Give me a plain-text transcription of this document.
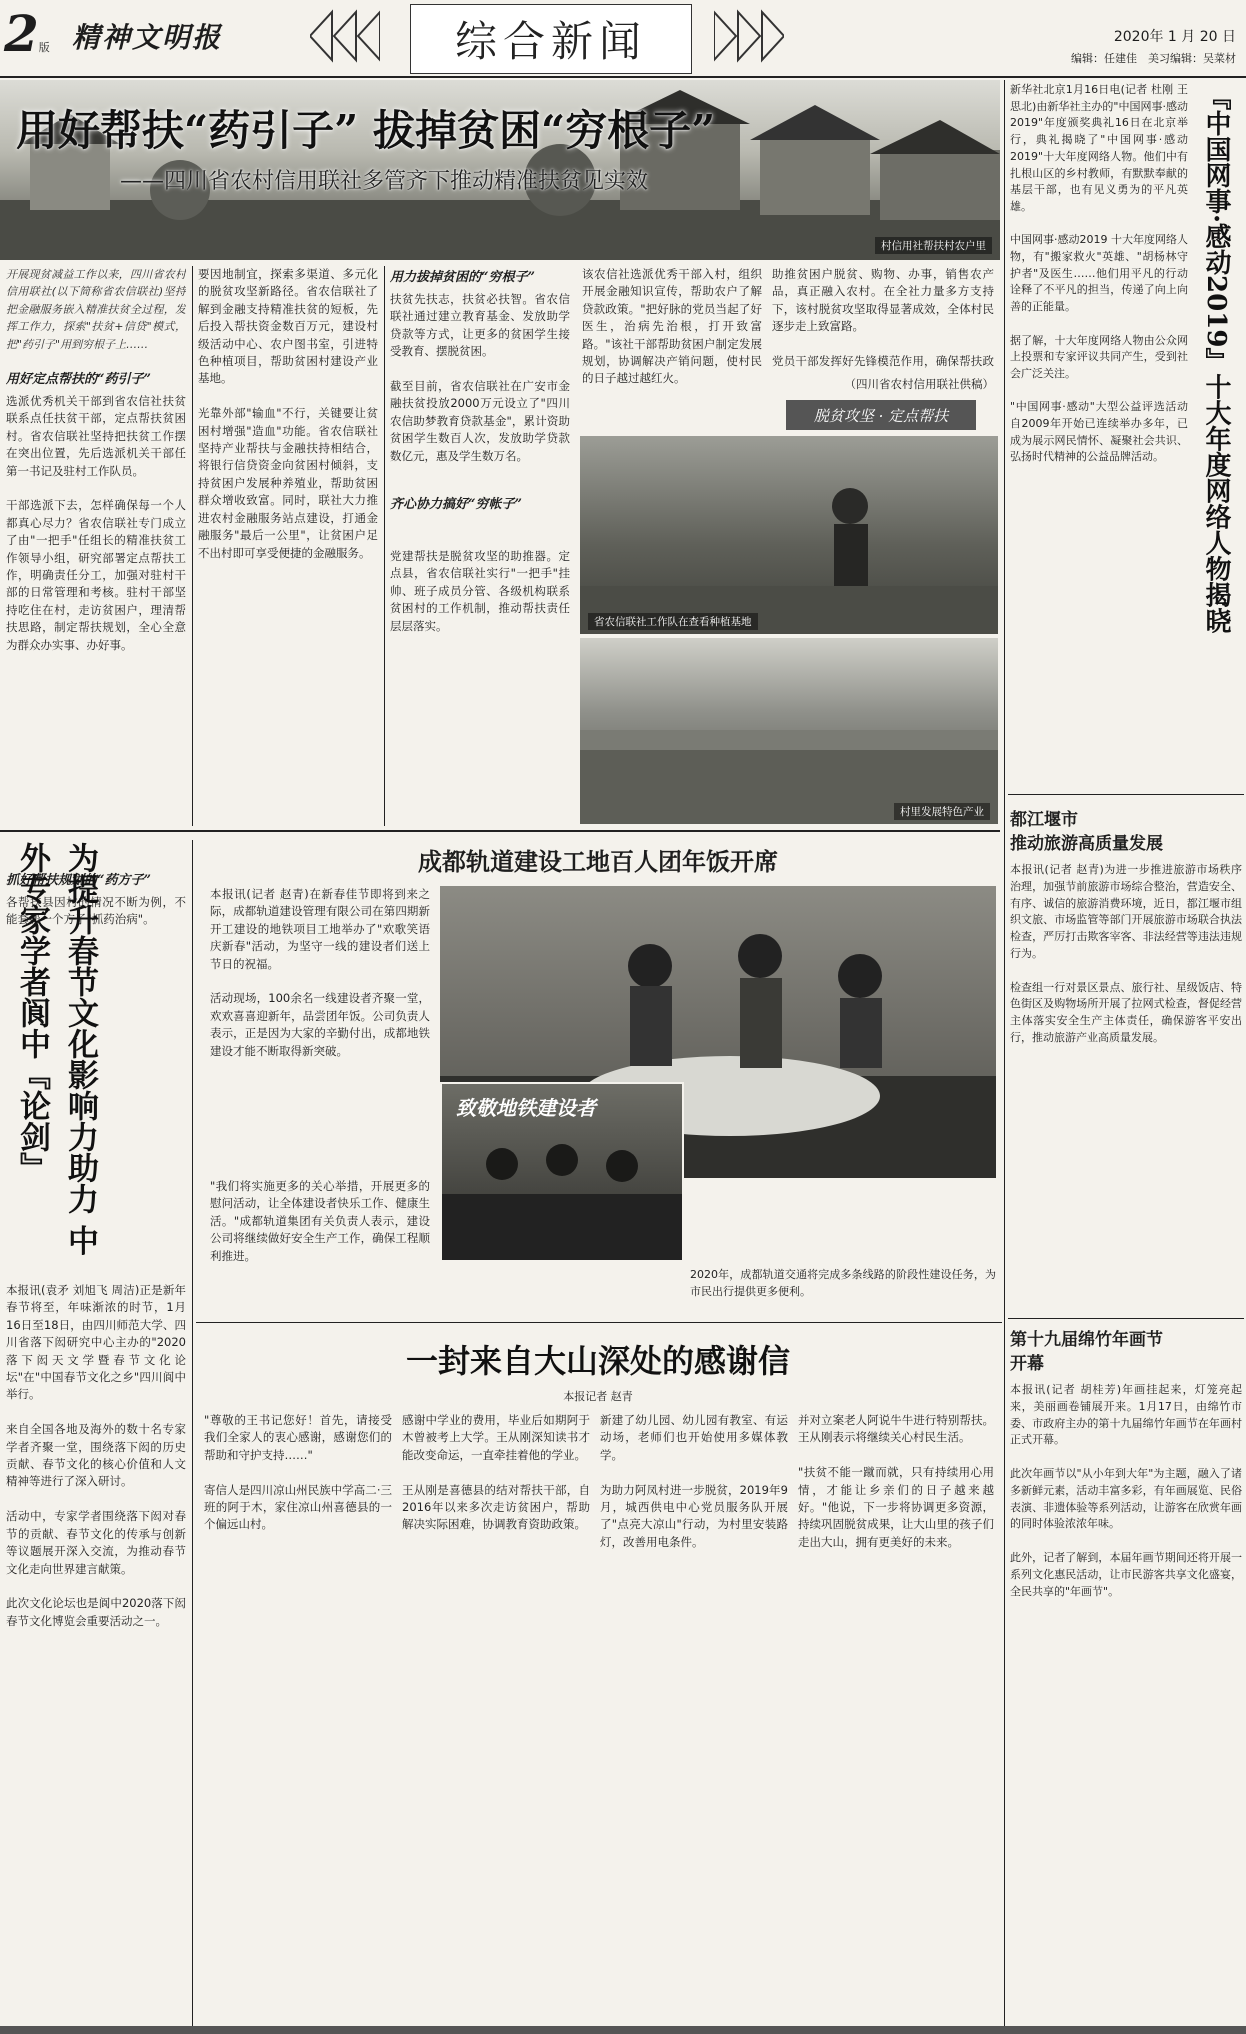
2版 精神文明报	综合新闻	2020年 1 月 20 日
编辑：任建佳　美习编辑：吴菜材
用好帮扶“药引子” 拔掉贫困“穷根子”
——四川省农村信用联社多管齐下推动精准扶贫见实效
村信用社帮扶村农户里
开展现贫减益工作以来，四川省农村信用联社(以下简称省农信联社)坚持把金融服务嵌入精准扶贫全过程，发挥工作力，探索"扶贫+信贷"模式，把"药引子"用到穷根子上……
用好定点帮扶的“药引子”
选派优秀机关干部到省农信社扶贫联系点任扶贫干部，定点帮扶贫困村。省农信联社坚持把扶贫工作摆在突出位置，先后选派机关干部任第一书记及驻村工作队员。

干部选派下去，怎样确保每一个人都真心尽力？省农信联社专门成立了由"一把手"任组长的精准扶贫工作领导小组，研究部署定点帮扶工作，明确责任分工，加强对驻村干部的日常管理和考核。驻村干部坚持吃住在村，走访贫困户，理清帮扶思路，制定帮扶规划，全心全意为群众办实事、办好事。
抓好帮扶规划的“药方子”
各帮扶县因村的情况不断为例，不能套搬一个方子"抓药治病"。
要因地制宜，探索多渠道、多元化的脱贫攻坚新路径。省农信联社了解到金融支持精准扶贫的短板，先后投入帮扶资金数百万元，建设村级活动中心、农户图书室，引进特色种植项目，帮助贫困村建设产业基地。

光靠外部"输血"不行，关键要让贫困村增强"造血"功能。省农信联社坚持产业帮扶与金融扶持相结合，将银行信贷资金向贫困村倾斜，支持贫困户发展种养殖业，帮助贫困群众增收致富。同时，联社大力推进农村金融服务站点建设，打通金融服务"最后一公里"，让贫困户足不出村即可享受便捷的金融服务。
用力拔掉贫困的“穷根子”
扶贫先扶志，扶贫必扶智。省农信联社通过建立教育基金、发放助学贷款等方式，让更多的贫困学生接受教育、摆脱贫困。

截至目前，省农信联社在广安市金融扶贫投放2000万元设立了"四川农信助梦教育贷款基金"，累计资助贫困学生数百人次，发放助学贷款数亿元，惠及学生数万名。
齐心协力搞好“穷帐子”
党建帮扶是脱贫攻坚的助推器。定点县，省农信联社实行"一把手"挂帅、班子成员分管、各级机构联系贫困村的工作机制，推动帮扶责任层层落实。
该农信社选派优秀干部入村，组织开展金融知识宣传，帮助农户了解贷款政策。"把好脉的党员当起了好医生，治病先治根，打开致富路。"该社干部帮助贫困户制定发展规划，协调解决产销问题，使村民的日子越过越红火。
助推贫困户脱贫、购物、办事，销售农产品，真正融入农村。在全社力量多方支持下，该村脱贫攻坚取得显著成效，全体村民逐步走上致富路。

党员干部发挥好先锋模范作用，确保帮扶政
（四川省农村信用联社供稿）
脱贫攻坚 · 定点帮扶
省农信联社工作队在查看种植基地
村里发展特色产业
新华社北京1月16日电(记者 杜刚 王思北)由新华社主办的"中国网事·感动2019"年度颁奖典礼16日在北京举行，典礼揭晓了"中国网事·感动2019"十大年度网络人物。他们中有扎根山区的乡村教师，有默默奉献的基层干部，也有见义勇为的平凡英雄。

中国网事·感动2019 十大年度网络人物，有"搬家救火"英雄、"胡杨林守护者"及医生……他们用平凡的行动诠释了不平凡的担当，传递了向上向善的正能量。

据了解，十大年度网络人物由公众网上投票和专家评议共同产生，受到社会广泛关注。

"中国网事·感动"大型公益评选活动自2009年开始已连续举办多年，已成为展示网民情怀、凝聚社会共识、弘扬时代精神的公益品牌活动。	『中国网事·感动2019』十大年度网络人物揭晓
都江堰市
推动旅游高质量发展
本报讯(记者 赵青)为进一步推进旅游市场秩序治理，加强节前旅游市场综合整治，营造安全、有序、诚信的旅游消费环境，近日，都江堰市组织文旅、市场监管等部门开展旅游市场联合执法检查，严厉打击欺客宰客、非法经营等违法违规行为。

检查组一行对景区景点、旅行社、星级饭店、特色街区及购物场所开展了拉网式检查，督促经营主体落实安全生产主体责任，确保游客平安出行，推动旅游产业高质量发展。
第十九届绵竹年画节
开幕
本报讯(记者 胡桂芳)年画挂起来，灯笼亮起来，美丽画卷铺展开来。1月17日，由绵竹市委、市政府主办的第十九届绵竹年画节在年画村正式开幕。

此次年画节以"从小年到大年"为主题，融入了诸多新鲜元素，活动丰富多彩，有年画展览、民俗表演、非遗体验等系列活动，让游客在欣赏年画的同时体验浓浓年味。

此外，记者了解到，本届年画节期间还将开展一系列文化惠民活动，让市民游客共享文化盛宴，全民共享的"年画节"。
为提升春节文化影响力助力 中外专家学者阆中『论剑』
本报讯(袁矛 刘旭飞 周洁)正是新年春节将至，年味渐浓的时节，1月16日至18日，由四川师范大学、四川省落下闳研究中心主办的"2020落下闳天文学暨春节文化论坛"在"中国春节文化之乡"四川阆中举行。

来自全国各地及海外的数十名专家学者齐聚一堂，围绕落下闳的历史贡献、春节文化的核心价值和人文精神等进行了深入研讨。

活动中，专家学者围绕落下闳对春节的贡献、春节文化的传承与创新等议题展开深入交流，为推动春节文化走向世界建言献策。

此次文化论坛也是阆中2020落下闳春节文化博览会重要活动之一。
成都轨道建设工地百人团年饭开席
本报讯(记者 赵青)在新春佳节即将到来之际，成都轨道建设管理有限公司在第四期新开工建设的地铁项目工地举办了"欢歌笑语庆新春"活动，为坚守一线的建设者们送上节日的祝福。

活动现场，100余名一线建设者齐聚一堂，欢欢喜喜迎新年，品尝团年饭。公司负责人表示，正是因为大家的辛勤付出，成都地铁建设才能不断取得新突破。
致敬地铁建设者
"我们将实施更多的关心举措，开展更多的慰问活动，让全体建设者快乐工作、健康生活。"成都轨道集团有关负责人表示，建设公司将继续做好安全生产工作，确保工程顺利推进。
2020年，成都轨道交通将完成多条线路的阶段性建设任务，为市民出行提供更多便利。
一封来自大山深处的感谢信
本报记者 赵青
"尊敬的王书记您好！首先，请接受我们全家人的衷心感谢，感谢您们的帮助和守护支持……"

寄信人是四川凉山州民族中学高二·三班的阿于木，家住凉山州喜德县的一个偏远山村。
感谢中学业的费用，毕业后如期阿于木曾被考上大学。王从刚深知读书才能改变命运，一直牵挂着他的学业。

王从刚是喜德县的结对帮扶干部，自2016年以来多次走访贫困户，帮助解决实际困难，协调教育资助政策。
新建了幼儿园、幼儿园有教室、有运动场，老师们也开始使用多媒体教学。

为助力阿凤村进一步脱贫，2019年9月，城西供电中心党员服务队开展了"点亮大凉山"行动，为村里安装路灯，改善用电条件。
并对立案老人阿说牛牛进行特别帮扶。王从刚表示将继续关心村民生活。

"扶贫不能一蹴而就，只有持续用心用情，才能让乡亲们的日子越来越好。"他说，下一步将协调更多资源，持续巩固脱贫成果，让大山里的孩子们走出大山，拥有更美好的未来。
